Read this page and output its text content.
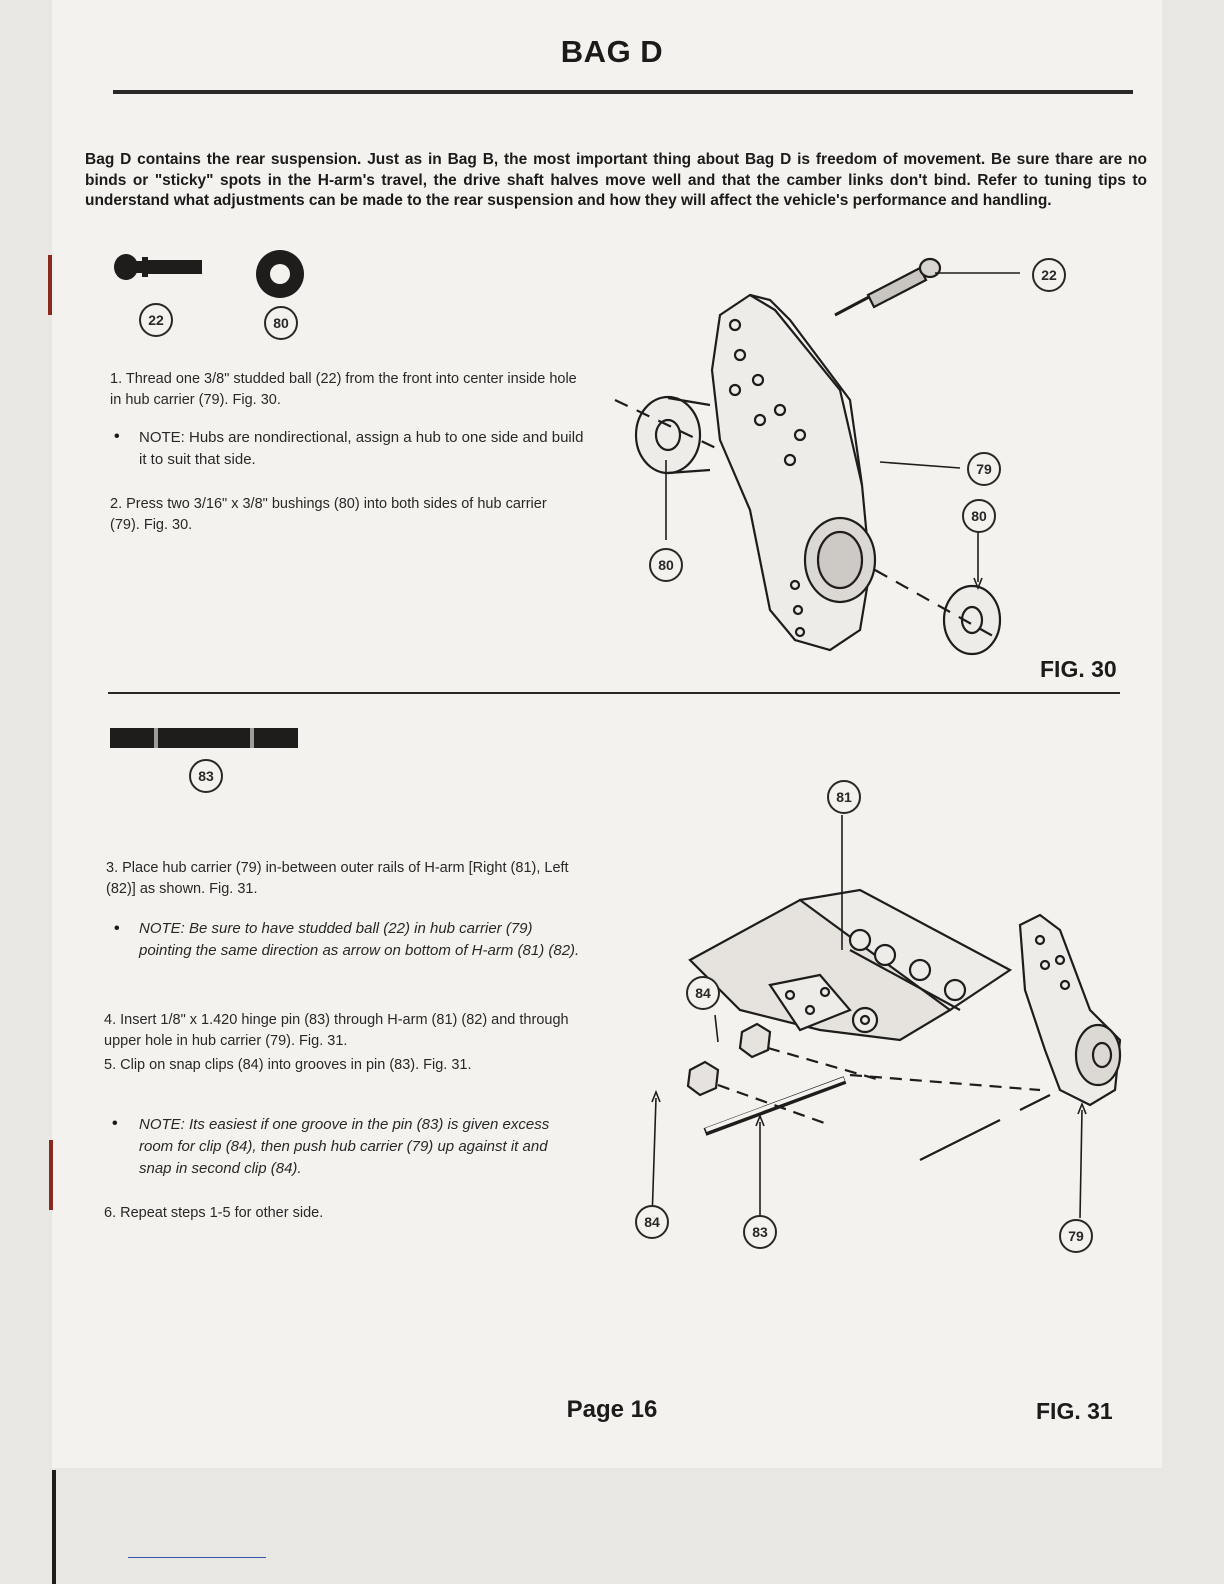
BAG D
Bag D contains the rear suspension. Just as in Bag B, the most important thing about Bag D is freedom of movement. Be sure thare are no binds or "sticky" spots in the H-arm's travel, the drive shaft halves move well and that the camber links don't bind. Refer to tuning tips to understand what adjustments can be made to the rear suspension and how they will affect the vehicle's performance and handling.
22	80
1. Thread one 3/8" studded ball (22) from the front into center inside hole in hub carrier (79). Fig. 30.
• NOTE: Hubs are nondirectional, assign a hub to one side and build it to suit that side.
2. Press two 3/16" x 3/8" bushings (80) into both sides of hub carrier (79). Fig. 30.
22
79
80
80
FIG. 30
83
3. Place hub carrier (79) in-between outer rails of H-arm [Right (81), Left (82)] as shown. Fig. 31.
• NOTE: Be sure to have studded ball (22) in hub carrier (79) pointing the same direction as arrow on bottom of H-arm (81) (82).
4. Insert 1/8" x 1.420 hinge pin (83) through H-arm (81) (82) and through upper hole in hub carrier (79). Fig. 31.
5. Clip on snap clips (84) into grooves in pin (83). Fig. 31.
• NOTE: Its easiest if one groove in the pin (83) is given excess room for clip (84), then push hub carrier (79) up against it and snap in second clip (84).
6. Repeat steps 1-5 for other side.
81
84
84
83	79
Page 16	FIG. 31
